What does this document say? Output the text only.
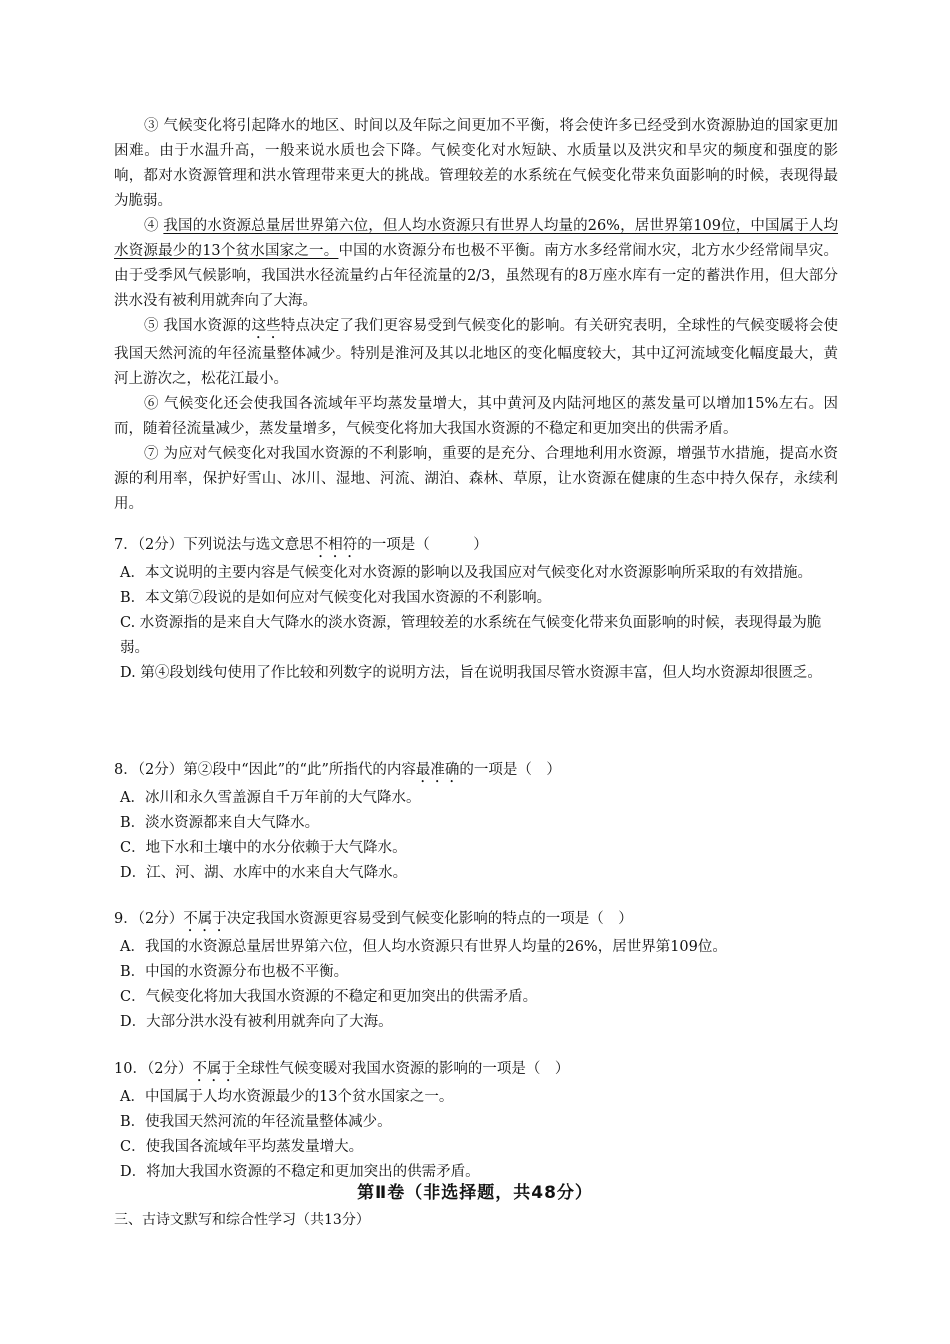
③ 气候变化将引起降水的地区、时间以及年际之间更加不平衡，将会使许多已经受到水资源胁迫的国家更加困难。由于水温升高，一般来说水质也会下降。气候变化对水短缺、水质量以及洪灾和旱灾的频度和强度的影响，都对水资源管理和洪水管理带来更大的挑战。管理较差的水系统在气候变化带来负面影响的时候，表现得最为脆弱。

④ 我国的水资源总量居世界第六位，但人均水资源只有世界人均量的26%，居世界第109位，中国属于人均水资源最少的13个贫水国家之一。中国的水资源分布也极不平衡。南方水多经常闹水灾，北方水少经常闹旱灾。由于受季风气候影响，我国洪水径流量约占年径流量的2/3，虽然现有的8万座水库有一定的蓄洪作用，但大部分洪水没有被利用就奔向了大海。

⑤ 我国水资源的这些特点决定了我们更容易受到气候变化的影响。有关研究表明，全球性的气候变暖将会使我国天然河流的年径流量整体减少。特别是淮河及其以北地区的变化幅度较大，其中辽河流域变化幅度最大，黄河上游次之，松花江最小。

⑥ 气候变化还会使我国各流域年平均蒸发量增大，其中黄河及内陆河地区的蒸发量可以增加15%左右。因而，随着径流量减少，蒸发量增多，气候变化将加大我国水资源的不稳定和更加突出的供需矛盾。

⑦ 为应对气候变化对我国水资源的不利影响，重要的是充分、合理地利用水资源，增强节水措施，提高水资源的利用率，保护好雪山、冰川、湿地、河流、湖泊、森林、草原，让水资源在健康的生态中持久保存，永续利用。

7．（2分）下列说法与选文意思不相符的一项是（　　　）

A．本文说明的主要内容是气候变化对水资源的影响以及我国应对气候变化对水资源影响所采取的有效措施。

B．本文第⑦段说的是如何应对气候变化对我国水资源的不利影响。

C. 水资源指的是来自大气降水的淡水资源，管理较差的水系统在气候变化带来负面影响的时候，表现得最为脆弱。

D. 第④段划线句使用了作比较和列数字的说明方法，旨在说明我国尽管水资源丰富，但人均水资源却很匮乏。

8．（2分）第②段中“因此”的“此”所指代的内容最准确的一项是（　）

A．冰川和永久雪盖源自千万年前的大气降水。

B．淡水资源都来自大气降水。

C．地下水和土壤中的水分依赖于大气降水。

D．江、河、湖、水库中的水来自大气降水。

9．（2分）不属于决定我国水资源更容易受到气候变化影响的特点的一项是（　）

A．我国的水资源总量居世界第六位，但人均水资源只有世界人均量的26%，居世界第109位。

B．中国的水资源分布也极不平衡。

C．气候变化将加大我国水资源的不稳定和更加突出的供需矛盾。

D．大部分洪水没有被利用就奔向了大海。

10．（2分）不属于全球性气候变暖对我国水资源的影响的一项是（　）

A．中国属于人均水资源最少的13个贫水国家之一。

B．使我国天然河流的年径流量整体减少。

C．使我国各流域年平均蒸发量增大。

D．将加大我国水资源的不稳定和更加突出的供需矛盾。

第Ⅱ卷（非选择题，共48分）
三、古诗文默写和综合性学习（共13分）
